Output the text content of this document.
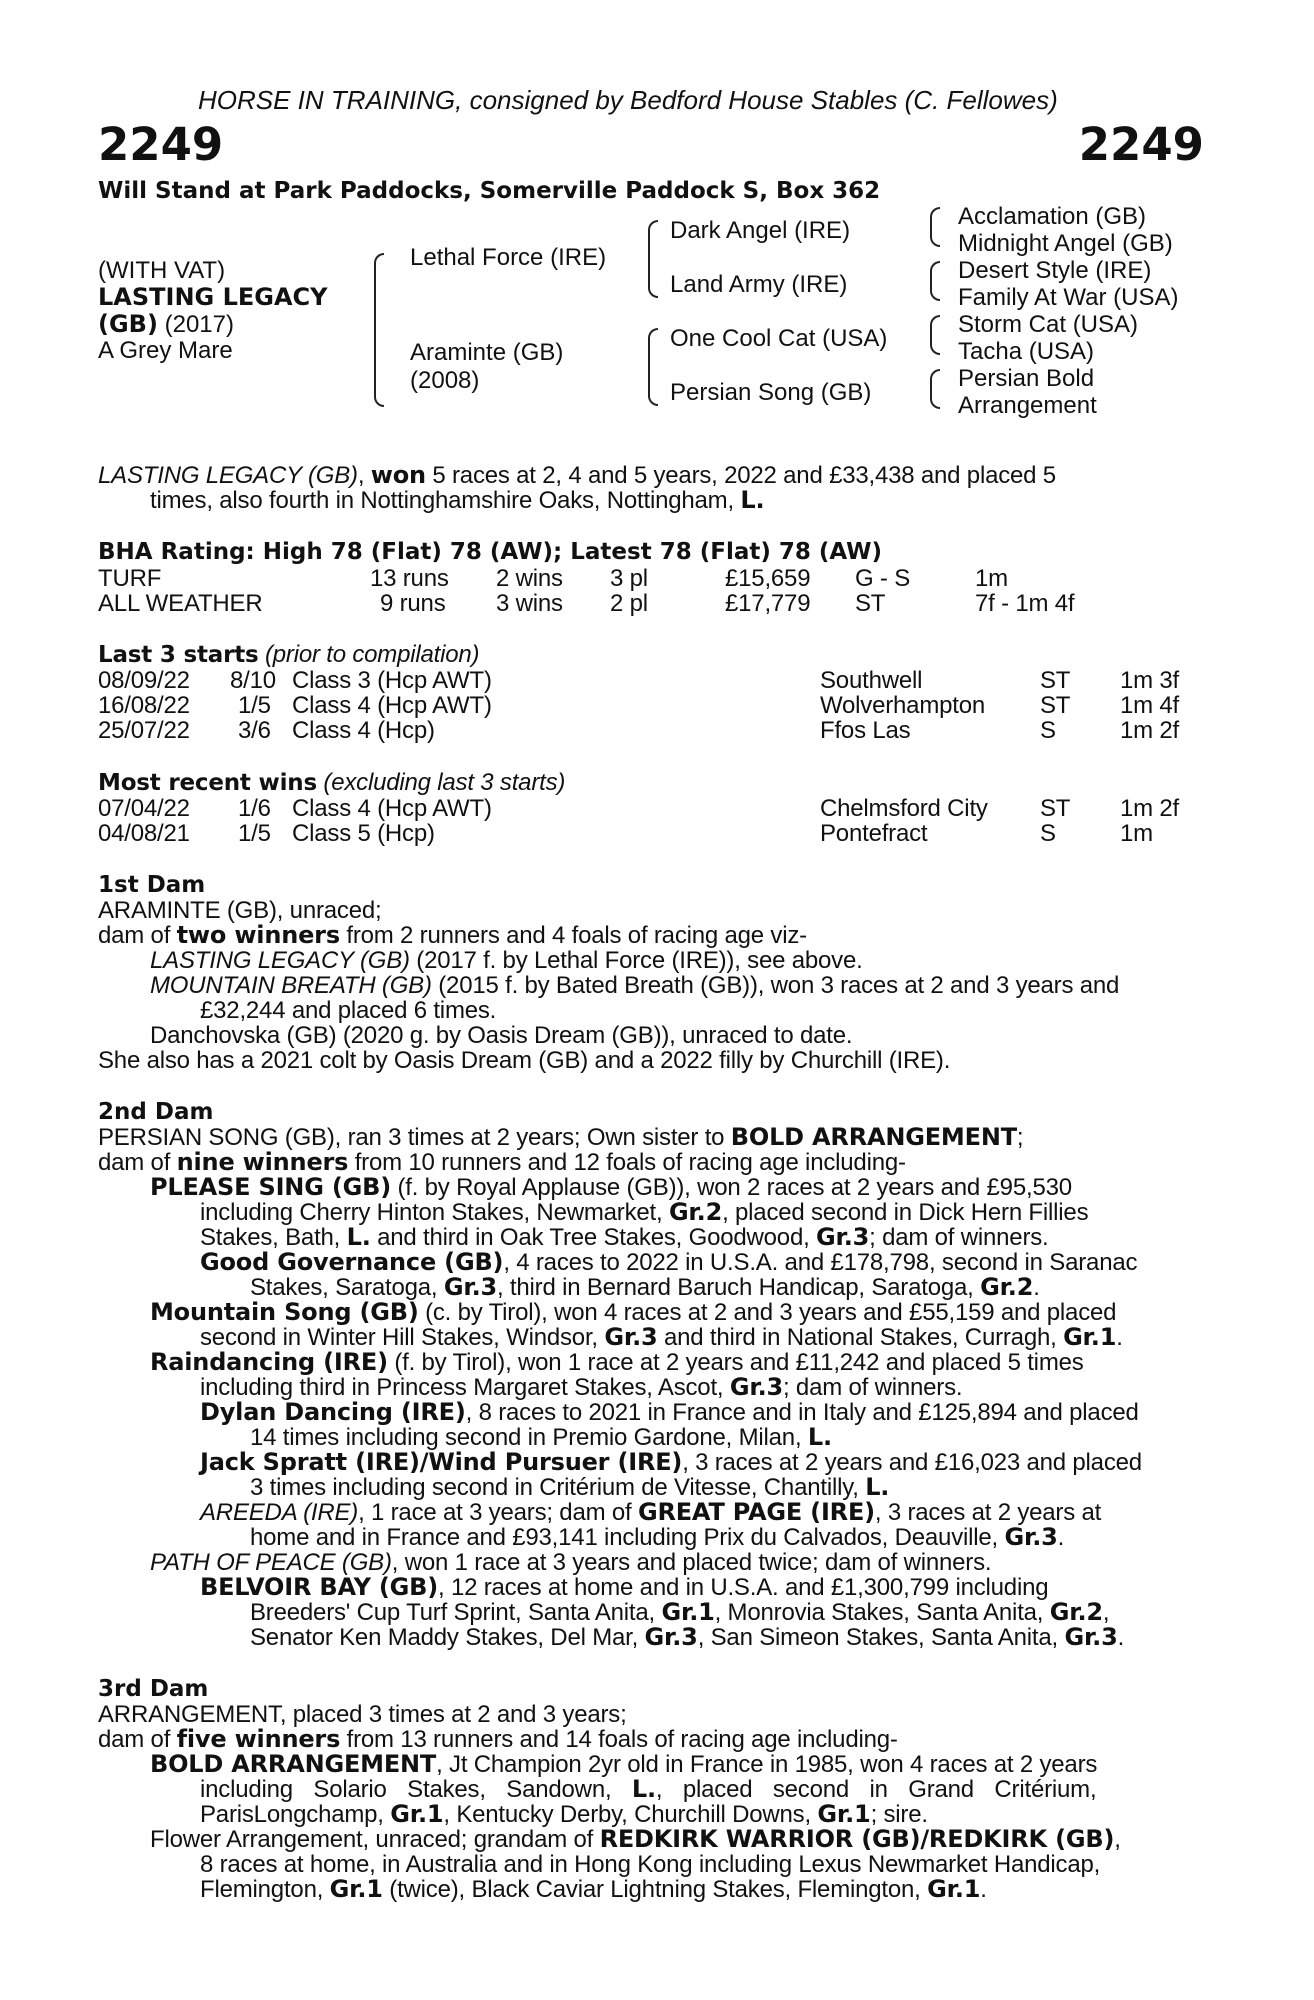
HORSE IN TRAINING, consigned by Bedford House Stables (C. Fellowes)
2249	2249
Will Stand at Park Paddocks, Somerville Paddock S, Box 362
(WITH VAT)
LASTING LEGACY
(GB) (2017)
A Grey Mare
Lethal Force (IRE)
Araminte (GB)
(2008)
Dark Angel (IRE)
Land Army (IRE)
One Cool Cat (USA)
Persian Song (GB)
Acclamation (GB)
Midnight Angel (GB)
Desert Style (IRE)
Family At War (USA)
Storm Cat (USA)
Tacha (USA)
Persian Bold
Arrangement
LASTING LEGACY (GB), won 5 races at 2, 4 and 5 years, 2022 and £33,438 and placed 5
times, also fourth in Nottinghamshire Oaks, Nottingham, L.
BHA Rating: High 78 (Flat) 78 (AW); Latest 78 (Flat) 78 (AW)
TURF	13 runs 2 wins 3 pl	£15,659 G - S	1m
ALL WEATHER	9 runs 3 wins 2 pl	£17,779 ST	7f - 1m 4f
Last 3 starts (prior to compilation)
08/09/22 8/10 Class 3 (Hcp AWT)	Southwell	ST 1m 3f
16/08/22 1/5 Class 4 (Hcp AWT)	Wolverhampton ST 1m 4f
25/07/22 3/6 Class 4 (Hcp)	Ffos Las	S	1m 2f
Most recent wins (excluding last 3 starts)
07/04/22 1/6 Class 4 (Hcp AWT)	Chelmsford City ST 1m 2f
04/08/21 1/5 Class 5 (Hcp)	Pontefract	S	1m
1st Dam
ARAMINTE (GB), unraced;
dam of two winners from 2 runners and 4 foals of racing age viz-
LASTING LEGACY (GB) (2017 f. by Lethal Force (IRE)), see above.
MOUNTAIN BREATH (GB) (2015 f. by Bated Breath (GB)), won 3 races at 2 and 3 years and
£32,244 and placed 6 times.
Danchovska (GB) (2020 g. by Oasis Dream (GB)), unraced to date.
She also has a 2021 colt by Oasis Dream (GB) and a 2022 filly by Churchill (IRE).
2nd Dam
PERSIAN SONG (GB), ran 3 times at 2 years; Own sister to BOLD ARRANGEMENT;
dam of nine winners from 10 runners and 12 foals of racing age including-
PLEASE SING (GB) (f. by Royal Applause (GB)), won 2 races at 2 years and £95,530
including Cherry Hinton Stakes, Newmarket, Gr.2, placed second in Dick Hern Fillies
Stakes, Bath, L. and third in Oak Tree Stakes, Goodwood, Gr.3; dam of winners.
Good Governance (GB), 4 races to 2022 in U.S.A. and £178,798, second in Saranac
Stakes, Saratoga, Gr.3, third in Bernard Baruch Handicap, Saratoga, Gr.2.
Mountain Song (GB) (c. by Tirol), won 4 races at 2 and 3 years and £55,159 and placed
second in Winter Hill Stakes, Windsor, Gr.3 and third in National Stakes, Curragh, Gr.1.
Raindancing (IRE) (f. by Tirol), won 1 race at 2 years and £11,242 and placed 5 times
including third in Princess Margaret Stakes, Ascot, Gr.3; dam of winners.
Dylan Dancing (IRE), 8 races to 2021 in France and in Italy and £125,894 and placed
14 times including second in Premio Gardone, Milan, L.
Jack Spratt (IRE)/Wind Pursuer (IRE), 3 races at 2 years and £16,023 and placed
3 times including second in Critérium de Vitesse, Chantilly, L.
AREEDA (IRE), 1 race at 3 years; dam of GREAT PAGE (IRE), 3 races at 2 years at
home and in France and £93,141 including Prix du Calvados, Deauville, Gr.3.
PATH OF PEACE (GB), won 1 race at 3 years and placed twice; dam of winners.
BELVOIR BAY (GB), 12 races at home and in U.S.A. and £1,300,799 including
Breeders' Cup Turf Sprint, Santa Anita, Gr.1, Monrovia Stakes, Santa Anita, Gr.2,
Senator Ken Maddy Stakes, Del Mar, Gr.3, San Simeon Stakes, Santa Anita, Gr.3.
3rd Dam
ARRANGEMENT, placed 3 times at 2 and 3 years;
dam of five winners from 13 runners and 14 foals of racing age including-
BOLD ARRANGEMENT, Jt Champion 2yr old in France in 1985, won 4 races at 2 years
including Solario Stakes, Sandown, L., placed second in Grand Critérium,
ParisLongchamp, Gr.1, Kentucky Derby, Churchill Downs, Gr.1; sire.
Flower Arrangement, unraced; grandam of REDKIRK WARRIOR (GB)/REDKIRK (GB),
8 races at home, in Australia and in Hong Kong including Lexus Newmarket Handicap,
Flemington, Gr.1 (twice), Black Caviar Lightning Stakes, Flemington, Gr.1.
